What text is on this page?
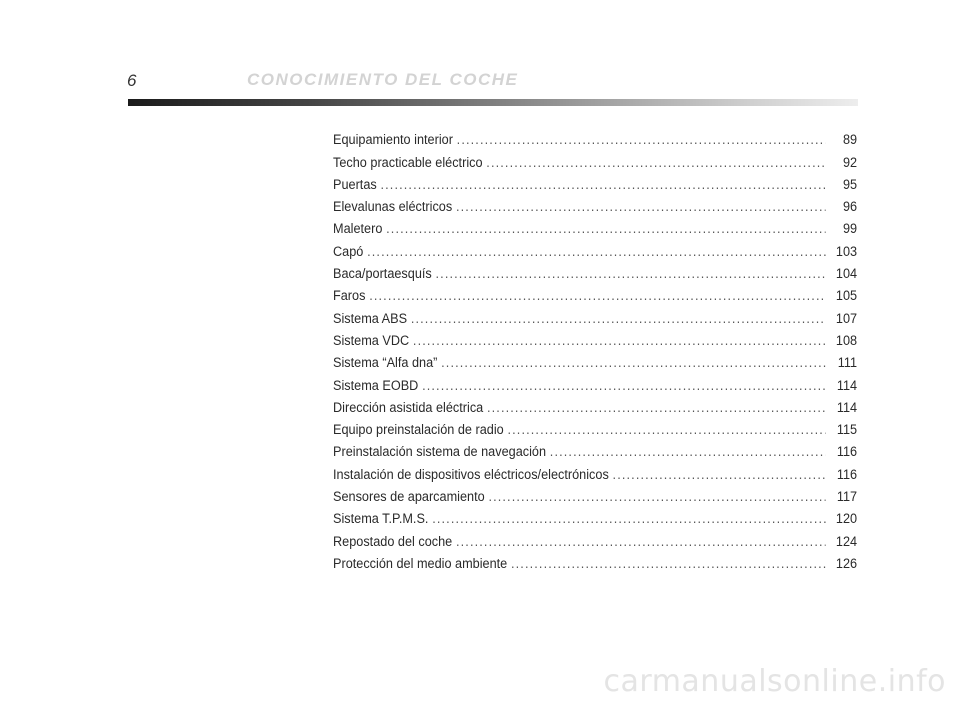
6	CONOCIMIENTO DEL COCHE
Equipamiento interior .....	89
Techo practicable eléctrico .....	92
Puertas .....	95
Elevalunas eléctricos .....	96
Maletero .....	99
Capó .....	103
Baca/portaesquís .....	104
Faros .....	105
Sistema ABS .....	107
Sistema VDC .....	108
Sistema “Alfa dna” .....	111
Sistema EOBD .....	114
Dirección asistida eléctrica .....	114
Equipo preinstalación de radio .....	115
Preinstalación sistema de navegación .....	116
Instalación de dispositivos eléctricos/electrónicos .....	116
Sensores de aparcamiento .....	117
Sistema T.P.M.S. .....	120
Repostado del coche .....	124
Protección del medio ambiente .....	126
carmanualsonline.info
